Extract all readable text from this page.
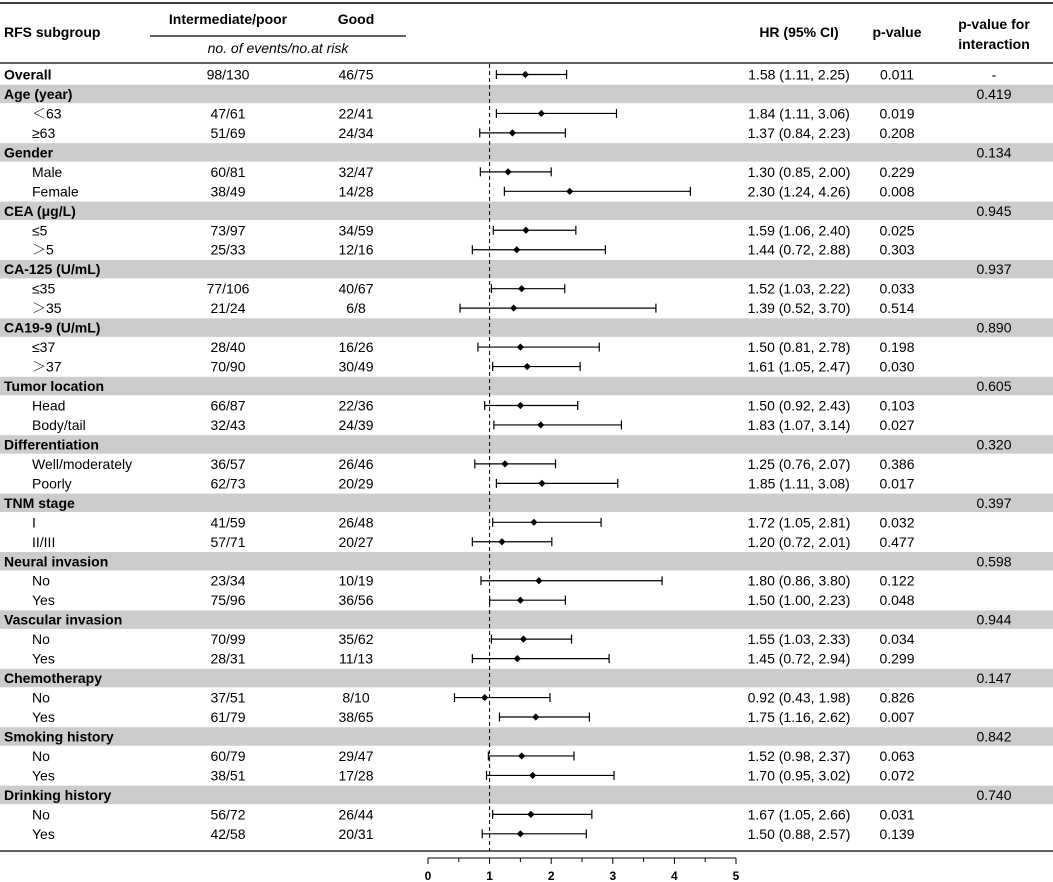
RFS subgroup
Intermediate/poor	Good
no. of events/no.at risk
HR (95% CI) p-value	p-value for
interaction
Overall	98/130	46/75	1.58 (1.11, 2.25) 0.011	-
Age (year)	0.419
＜63	47/61	22/41	1.84 (1.11, 3.06) 0.019
≥63	51/69	24/34	1.37 (0.84, 2.23) 0.208
Gender	0.134
Male	60/81	32/47	1.30 (0.85, 2.00) 0.229
Female	38/49	14/28	2.30 (1.24, 4.26) 0.008
CEA (μg/L)	0.945
≤5	73/97	34/59	1.59 (1.06, 2.40) 0.025
＞5	25/33	12/16	1.44 (0.72, 2.88) 0.303
CA-125 (U/mL)	0.937
≤35	77/106	40/67	1.52 (1.03, 2.22) 0.033
＞35	21/24	6/8	1.39 (0.52, 3.70) 0.514
CA19-9 (U/mL)	0.890
≤37	28/40	16/26	1.50 (0.81, 2.78) 0.198
＞37	70/90	30/49	1.61 (1.05, 2.47) 0.030
Tumor location	0.605
Head	66/87	22/36	1.50 (0.92, 2.43) 0.103
Body/tail	32/43	24/39	1.83 (1.07, 3.14) 0.027
Differentiation	0.320
Well/moderately	36/57	26/46	1.25 (0.76, 2.07) 0.386
Poorly	62/73	20/29	1.85 (1.11, 3.08) 0.017
TNM stage	0.397
I	41/59	26/48	1.72 (1.05, 2.81) 0.032
II/III	57/71	20/27	1.20 (0.72, 2.01) 0.477
Neural invasion	0.598
No	23/34	10/19	1.80 (0.86, 3.80) 0.122
Yes	75/96	36/56	1.50 (1.00, 2.23) 0.048
Vascular invasion	0.944
No	70/99	35/62	1.55 (1.03, 2.33) 0.034
Yes	28/31	11/13	1.45 (0.72, 2.94) 0.299
Chemotherapy	0.147
No	37/51	8/10	0.92 (0.43, 1.98) 0.826
Yes	61/79	38/65	1.75 (1.16, 2.62) 0.007
Smoking history	0.842
No	60/79	29/47	1.52 (0.98, 2.37) 0.063
Yes	38/51	17/28	1.70 (0.95, 3.02) 0.072
Drinking history	0.740
No	56/72	26/44	1.67 (1.05, 2.66) 0.031
Yes	42/58	20/31	1.50 (0.88, 2.57) 0.139
0	1	2	3	4	5
